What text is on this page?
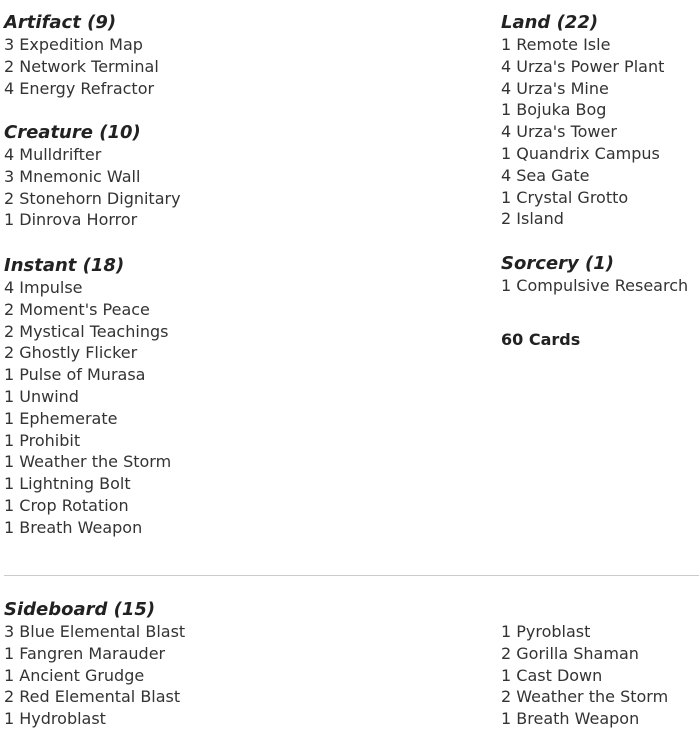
Artifact (9)
3 Expedition Map
2 Network Terminal
4 Energy Refractor
Creature (10)
4 Mulldrifter
3 Mnemonic Wall
2 Stonehorn Dignitary
1 Dinrova Horror
Instant (18)
4 Impulse
2 Moment's Peace
2 Mystical Teachings
2 Ghostly Flicker
1 Pulse of Murasa
1 Unwind
1 Ephemerate
1 Prohibit
1 Weather the Storm
1 Lightning Bolt
1 Crop Rotation
1 Breath Weapon
Land (22)
1 Remote Isle
4 Urza's Power Plant
4 Urza's Mine
1 Bojuka Bog
4 Urza's Tower
1 Quandrix Campus
4 Sea Gate
1 Crystal Grotto
2 Island
Sorcery (1)
1 Compulsive Research
60 Cards
Sideboard (15)
3 Blue Elemental Blast
1 Fangren Marauder
1 Ancient Grudge
2 Red Elemental Blast
1 Hydroblast
1 Pyroblast
2 Gorilla Shaman
1 Cast Down
2 Weather the Storm
1 Breath Weapon
